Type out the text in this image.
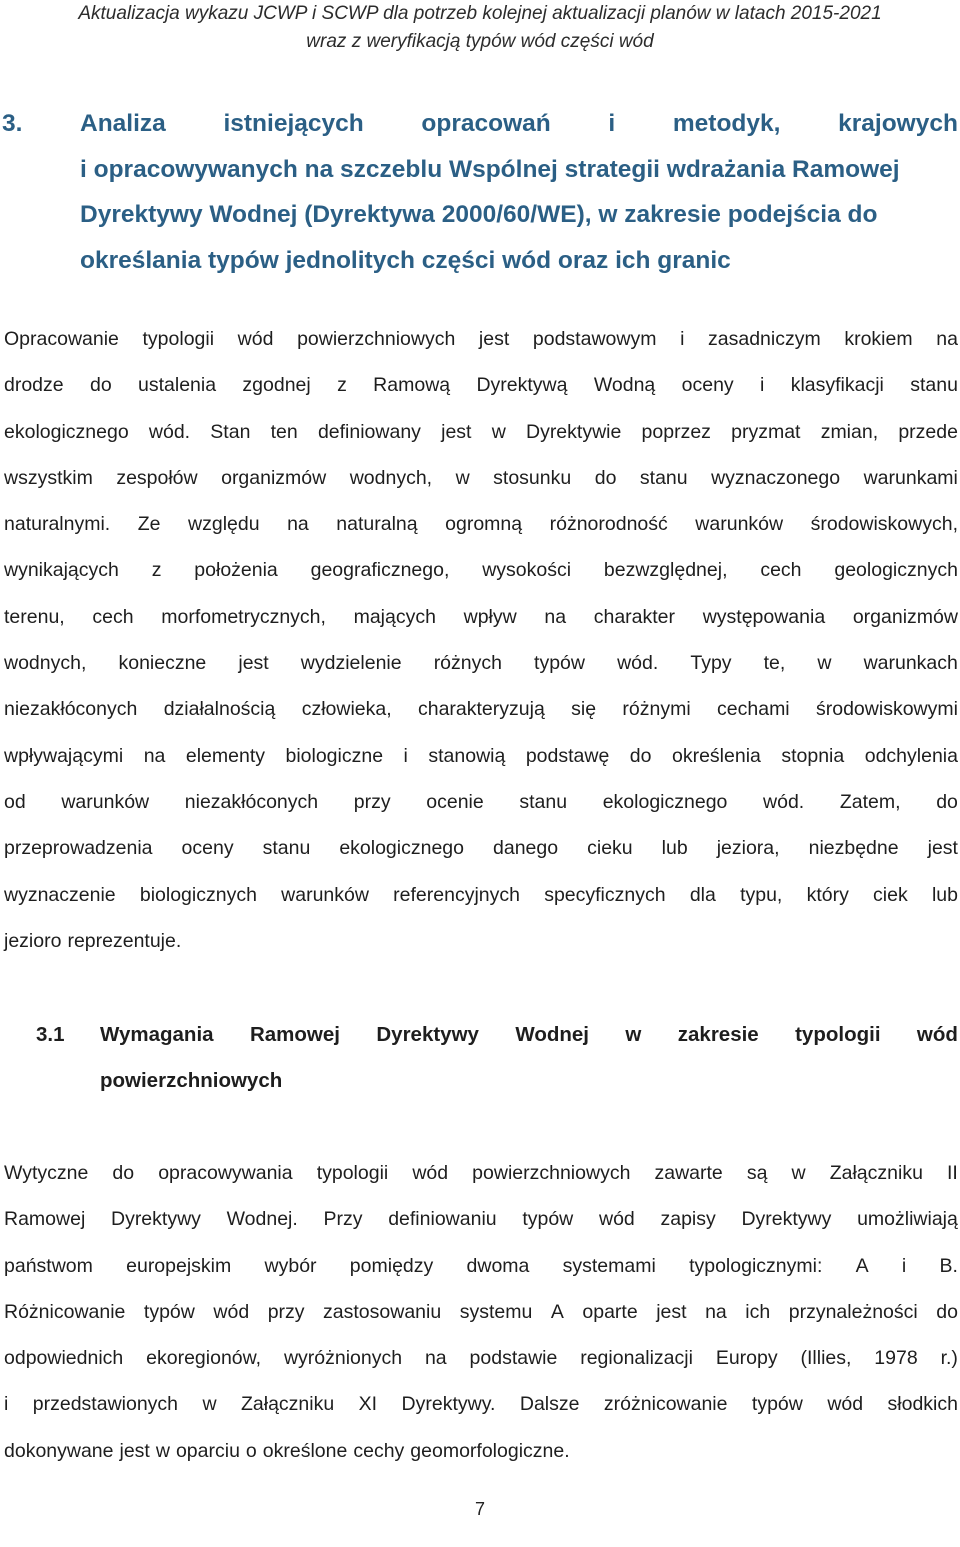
Aktualizacja wykazu JCWP i SCWP dla potrzeb kolejnej aktualizacji planów w latach 2015-2021
wraz z weryfikacją typów wód części wód
3.	Analiza istniejących opracowań i metodyk, krajowych
i opracowywanych na szczeblu Wspólnej strategii wdrażania Ramowej
Dyrektywy Wodnej (Dyrektywa 2000/60/WE), w zakresie podejścia do
określania typów jednolitych części wód oraz ich granic
Opracowanie typologii wód powierzchniowych jest podstawowym i zasadniczym krokiem na
drodze do ustalenia zgodnej z Ramową Dyrektywą Wodną oceny i klasyfikacji stanu
ekologicznego wód. Stan ten definiowany jest w Dyrektywie poprzez pryzmat zmian, przede
wszystkim zespołów organizmów wodnych, w stosunku do stanu wyznaczonego warunkami
naturalnymi. Ze względu na naturalną ogromną różnorodność warunków środowiskowych,
wynikających z położenia geograficznego, wysokości bezwzględnej, cech geologicznych
terenu, cech morfometrycznych, mających wpływ na charakter występowania organizmów
wodnych, konieczne jest wydzielenie różnych typów wód. Typy te, w warunkach
niezakłóconych działalnością człowieka, charakteryzują się różnymi cechami środowiskowymi
wpływającymi na elementy biologiczne i stanowią podstawę do określenia stopnia odchylenia
od warunków niezakłóconych przy ocenie stanu ekologicznego wód. Zatem, do
przeprowadzenia oceny stanu ekologicznego danego cieku lub jeziora, niezbędne jest
wyznaczenie biologicznych warunków referencyjnych specyficznych dla typu, który ciek lub
jezioro reprezentuje.
3.1	Wymagania Ramowej Dyrektywy Wodnej w zakresie typologii wód
powierzchniowych
Wytyczne do opracowywania typologii wód powierzchniowych zawarte są w Załączniku II
Ramowej Dyrektywy Wodnej. Przy definiowaniu typów wód zapisy Dyrektywy umożliwiają
państwom europejskim wybór pomiędzy dwoma systemami typologicznymi: A i B.
Różnicowanie typów wód przy zastosowaniu systemu A oparte jest na ich przynależności do
odpowiednich ekoregionów, wyróżnionych na podstawie regionalizacji Europy (Illies, 1978 r.)
i przedstawionych w Załączniku XI Dyrektywy. Dalsze zróżnicowanie typów wód słodkich
dokonywane jest w oparciu o określone cechy geomorfologiczne.
7
